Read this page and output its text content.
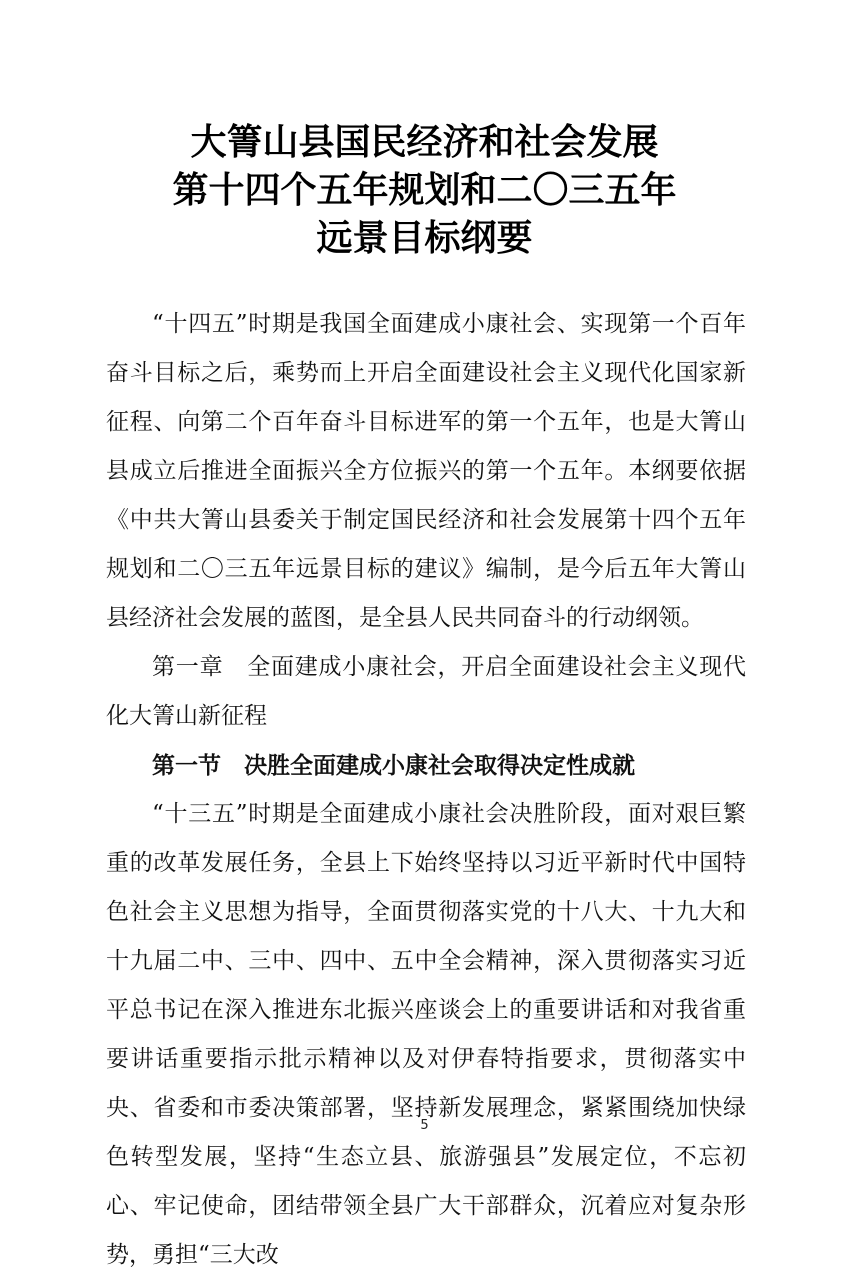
大箐山县国民经济和社会发展
第十四个五年规划和二〇三五年
远景目标纲要

“十四五”时期是我国全面建成小康社会、实现第一个百年奋斗目标之后，乘势而上开启全面建设社会主义现代化国家新征程、向第二个百年奋斗目标进军的第一个五年，也是大箐山县成立后推进全面振兴全方位振兴的第一个五年。本纲要依据《中共大箐山县委关于制定国民经济和社会发展第十四个五年规划和二〇三五年远景目标的建议》编制，是今后五年大箐山县经济社会发展的蓝图，是全县人民共同奋斗的行动纲领。

第一章　全面建成小康社会，开启全面建设社会主义现代化大箐山新征程

第一节　决胜全面建成小康社会取得决定性成就

“十三五”时期是全面建成小康社会决胜阶段，面对艰巨繁重的改革发展任务，全县上下始终坚持以习近平新时代中国特色社会主义思想为指导，全面贯彻落实党的十八大、十九大和十九届二中、三中、四中、五中全会精神，深入贯彻落实习近平总书记在深入推进东北振兴座谈会上的重要讲话和对我省重要讲话重要指示批示精神以及对伊春特指要求，贯彻落实中央、省委和市委决策部署，坚持新发展理念，紧紧围绕加快绿色转型发展，坚持“生态立县、旅游强县”发展定位，不忘初心、牢记使命，团结带领全县广大干部群众，沉着应对复杂形势，勇担“三大改

5
